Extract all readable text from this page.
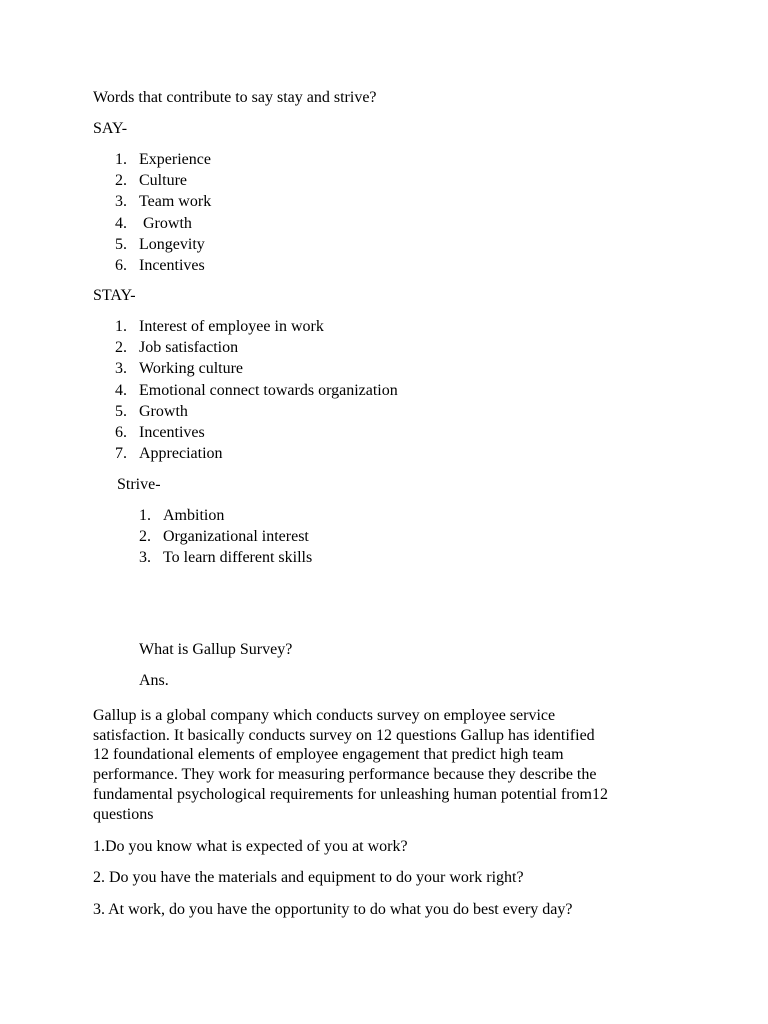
Words that contribute to say stay and strive?
SAY-
1. Experience
2. Culture
3. Team work
4. Growth
5. Longevity
6. Incentives
STAY-
1. Interest of employee in work
2. Job satisfaction
3. Working culture
4. Emotional connect towards organization
5. Growth
6. Incentives
7. Appreciation
Strive-
1. Ambition
2. Organizational interest
3. To learn different skills
What is Gallup Survey?
Ans.

Gallup is a global company which conducts survey on employee service
satisfaction. It basically conducts survey on 12 questions Gallup has identified
12 foundational elements of employee engagement that predict high team
performance. They work for measuring performance because they describe the
fundamental psychological requirements for unleashing human potential from12
questions

1.Do you know what is expected of you at work?
2. Do you have the materials and equipment to do your work right?
3. At work, do you have the opportunity to do what you do best every day?
